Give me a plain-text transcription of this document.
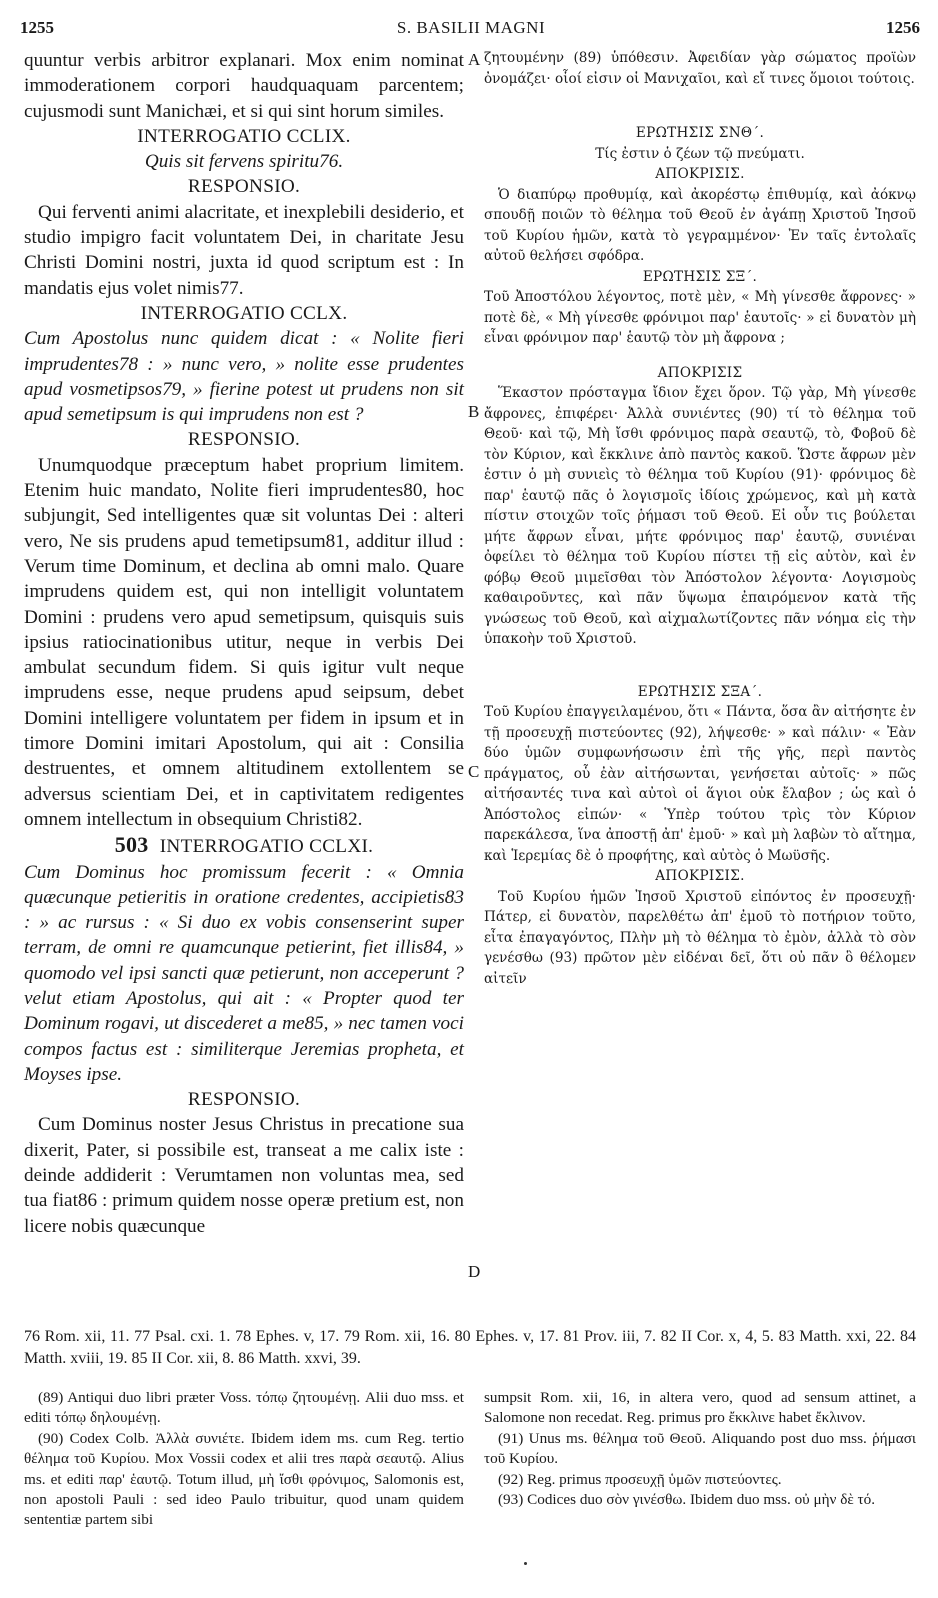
1255	S. BASILII MAGNI	1256

quuntur verbis arbitror explanari. Mox enim nominat immoderationem corpori haudquaquam parcentem; cujusmodi sunt Manichæi, et si qui sint horum similes.

INTERROGATIO CCLIX.
Quis sit fervens spiritu76.
RESPONSIO.

Qui ferventi animi alacritate, et inexplebili desiderio, et studio impigro facit voluntatem Dei, in charitate Jesu Christi Domini nostri, juxta id quod scriptum est : In mandatis ejus volet nimis77.

INTERROGATIO CCLX.

Cum Apostolus nunc quidem dicat : « Nolite fieri imprudentes78 : » nunc vero, » nolite esse prudentes apud vosmetipsos79, » fierine potest ut prudens non sit apud semetipsum is qui imprudens non est ?

RESPONSIO.

Unumquodque præceptum habet proprium limitem. Etenim huic mandato, Nolite fieri imprudentes80, hoc subjungit, Sed intelligentes quæ sit voluntas Dei : alteri vero, Ne sis prudens apud temetipsum81, additur illud : Verum time Dominum, et declina ab omni malo. Quare imprudens quidem est, qui non intelligit voluntatem Domini : prudens vero apud semetipsum, quisquis suis ipsius ratiocinationibus utitur, neque in verbis Dei ambulat secundum fidem. Si quis igitur vult neque imprudens esse, neque prudens apud seipsum, debet Domini intelligere voluntatem per fidem in ipsum et in timore Domini imitari Apostolum, qui ait : Consilia destruentes, et omnem altitudinem extollentem se adversus scientiam Dei, et in captivitatem redigentes omnem intellectum in obsequium Christi82.

503 INTERROGATIO CCLXI.

Cum Dominus hoc promissum fecerit : « Omnia quæcunque petieritis in oratione credentes, accipietis83 : » ac rursus : « Si duo ex vobis consenserint super terram, de omni re quamcunque petierint, fiet illis84, » quomodo vel ipsi sancti quæ petierunt, non acceperunt ? velut etiam Apostolus, qui ait : « Propter quod ter Dominum rogavi, ut discederet a me85, » nec tamen voci compos factus est : similiterque Jeremias propheta, et Moyses ipse.

RESPONSIO.

Cum Dominus noster Jesus Christus in precatione sua dixerit, Pater, si possibile est, transeat a me calix iste : deinde addiderit : Verumtamen non voluntas mea, sed tua fiat86 : primum quidem nosse operæ pretium est, non licere nobis quæcunque

A
B
C
D

ζητουμένην (89) ὑπόθεσιν. Ἀφειδίαν γὰρ σώματος προϊὼν ὀνομάζει· οἷοί εἰσιν οἱ Μανιχαῖοι, καὶ εἴ τινες ὅμοιοι τούτοις.

ΕΡΩΤΗΣΙΣ ΣΝΘ΄.
Τίς ἐστιν ὁ ζέων τῷ πνεύματι.
ΑΠΟΚΡΙΣΙΣ.

Ὁ διαπύρῳ προθυμίᾳ, καὶ ἀκορέστῳ ἐπιθυμίᾳ, καὶ ἀόκνῳ σπουδῇ ποιῶν τὸ θέλημα τοῦ Θεοῦ ἐν ἀγάπῃ Χριστοῦ Ἰησοῦ τοῦ Κυρίου ἡμῶν, κατὰ τὸ γεγραμμένον· Ἐν ταῖς ἐντολαῖς αὐτοῦ θελήσει σφόδρα.

ΕΡΩΤΗΣΙΣ ΣΞ΄.

Τοῦ Ἀποστόλου λέγοντος, ποτὲ μὲν, « Μὴ γίνεσθε ἄφρονες· » ποτὲ δὲ, « Μὴ γίνεσθε φρόνιμοι παρ' ἑαυτοῖς· » εἰ δυνατὸν μὴ εἶναι φρόνιμον παρ' ἑαυτῷ τὸν μὴ ἄφρονα ;

ΑΠΟΚΡΙΣΙΣ

Ἕκαστον πρόσταγμα ἴδιον ἔχει ὅρον. Τῷ γὰρ, Μὴ γίνεσθε ἄφρονες, ἐπιφέρει· Ἀλλὰ συνιέντες (90) τί τὸ θέλημα τοῦ Θεοῦ· καὶ τῷ, Μὴ ἴσθι φρόνιμος παρὰ σεαυτῷ, τὸ, Φοβοῦ δὲ τὸν Κύριον, καὶ ἔκκλινε ἀπὸ παντὸς κακοῦ. Ὥστε ἄφρων μὲν ἐστιν ὁ μὴ συνιεὶς τὸ θέλημα τοῦ Κυρίου (91)· φρόνιμος δὲ παρ' ἑαυτῷ πᾶς ὁ λογισμοῖς ἰδίοις χρώμενος, καὶ μὴ κατὰ πίστιν στοιχῶν τοῖς ῥήμασι τοῦ Θεοῦ. Εἰ οὖν τις βούλεται μήτε ἄφρων εἶναι, μήτε φρόνιμος παρ' ἑαυτῷ, συνιέναι ὀφείλει τὸ θέλημα τοῦ Κυρίου πίστει τῇ εἰς αὐτὸν, καὶ ἐν φόβῳ Θεοῦ μιμεῖσθαι τὸν Ἀπόστολον λέγοντα· Λογισμοὺς καθαιροῦντες, καὶ πᾶν ὕψωμα ἐπαιρόμενον κατὰ τῆς γνώσεως τοῦ Θεοῦ, καὶ αἰχμαλωτίζοντες πᾶν νόημα εἰς τὴν ὑπακοὴν τοῦ Χριστοῦ.

ΕΡΩΤΗΣΙΣ ΣΞΑ΄.

Τοῦ Κυρίου ἐπαγγειλαμένου, ὅτι « Πάντα, ὅσα ἂν αἰτήσητε ἐν τῇ προσευχῇ πιστεύοντες (92), λήψεσθε· » καὶ πάλιν· « Ἐὰν δύο ὑμῶν συμφωνήσωσιν ἐπὶ τῆς γῆς, περὶ παντὸς πράγματος, οὗ ἐὰν αἰτήσωνται, γενήσεται αὐτοῖς· » πῶς αἰτήσαντές τινα καὶ αὐτοὶ οἱ ἅγιοι οὐκ ἔλαβον ; ὡς καὶ ὁ Ἀπόστολος εἰπών· « Ὑπὲρ τούτου τρὶς τὸν Κύριον παρεκάλεσα, ἵνα ἀποστῇ ἀπ' ἐμοῦ· » καὶ μὴ λαβὼν τὸ αἴτημα, καὶ Ἱερεμίας δὲ ὁ προφήτης, καὶ αὐτὸς ὁ Μωϋσῆς.

ΑΠΟΚΡΙΣΙΣ.

Τοῦ Κυρίου ἡμῶν Ἰησοῦ Χριστοῦ εἰπόντος ἐν προσευχῇ· Πάτερ, εἰ δυνατὸν, παρελθέτω ἀπ' ἐμοῦ τὸ ποτήριον τοῦτο, εἶτα ἐπαγαγόντος, Πλὴν μὴ τὸ θέλημα τὸ ἐμὸν, ἀλλὰ τὸ σὸν γενέσθω (93) πρῶτον μὲν εἰδέναι δεῖ, ὅτι οὐ πᾶν ὃ θέλομεν αἰτεῖν

76 Rom. xii, 11. 77 Psal. cxi. 1. 78 Ephes. v, 17. 79 Rom. xii, 16. 80 Ephes. v, 17. 81 Prov. iii, 7. 82 II Cor. x, 4, 5. 83 Matth. xxi, 22. 84 Matth. xviii, 19. 85 II Cor. xii, 8. 86 Matth. xxvi, 39.

(89) Antiqui duo libri præter Voss. τόπῳ ζητουμένῃ. Alii duo mss. et editi τόπῳ δηλουμένῃ.

(90) Codex Colb. Ἀλλὰ συνιέτε. Ibidem idem ms. cum Reg. tertio θέλημα τοῦ Κυρίου. Mox Vossii codex et alii tres παρὰ σεαυτῷ. Alius ms. et editi παρ' ἑαυτῷ. Totum illud, μὴ ἴσθι φρόνιμος, Salomonis est, non apostoli Pauli : sed ideo Paulo tribuitur, quod unam quidem sententiæ partem sibi

sumpsit Rom. xii, 16, in altera vero, quod ad sensum attinet, a Salomone non recedat. Reg. primus pro ἔκκλινε habet ἔκλινον.

(91) Unus ms. θέλημα τοῦ Θεοῦ. Aliquando post duo mss. ῥήμασι τοῦ Κυρίου.

(92) Reg. primus προσευχῇ ὑμῶν πιστεύοντες.

(93) Codices duo σὸν γινέσθω. Ibidem duo mss. οὐ μὴν δὲ τό.
